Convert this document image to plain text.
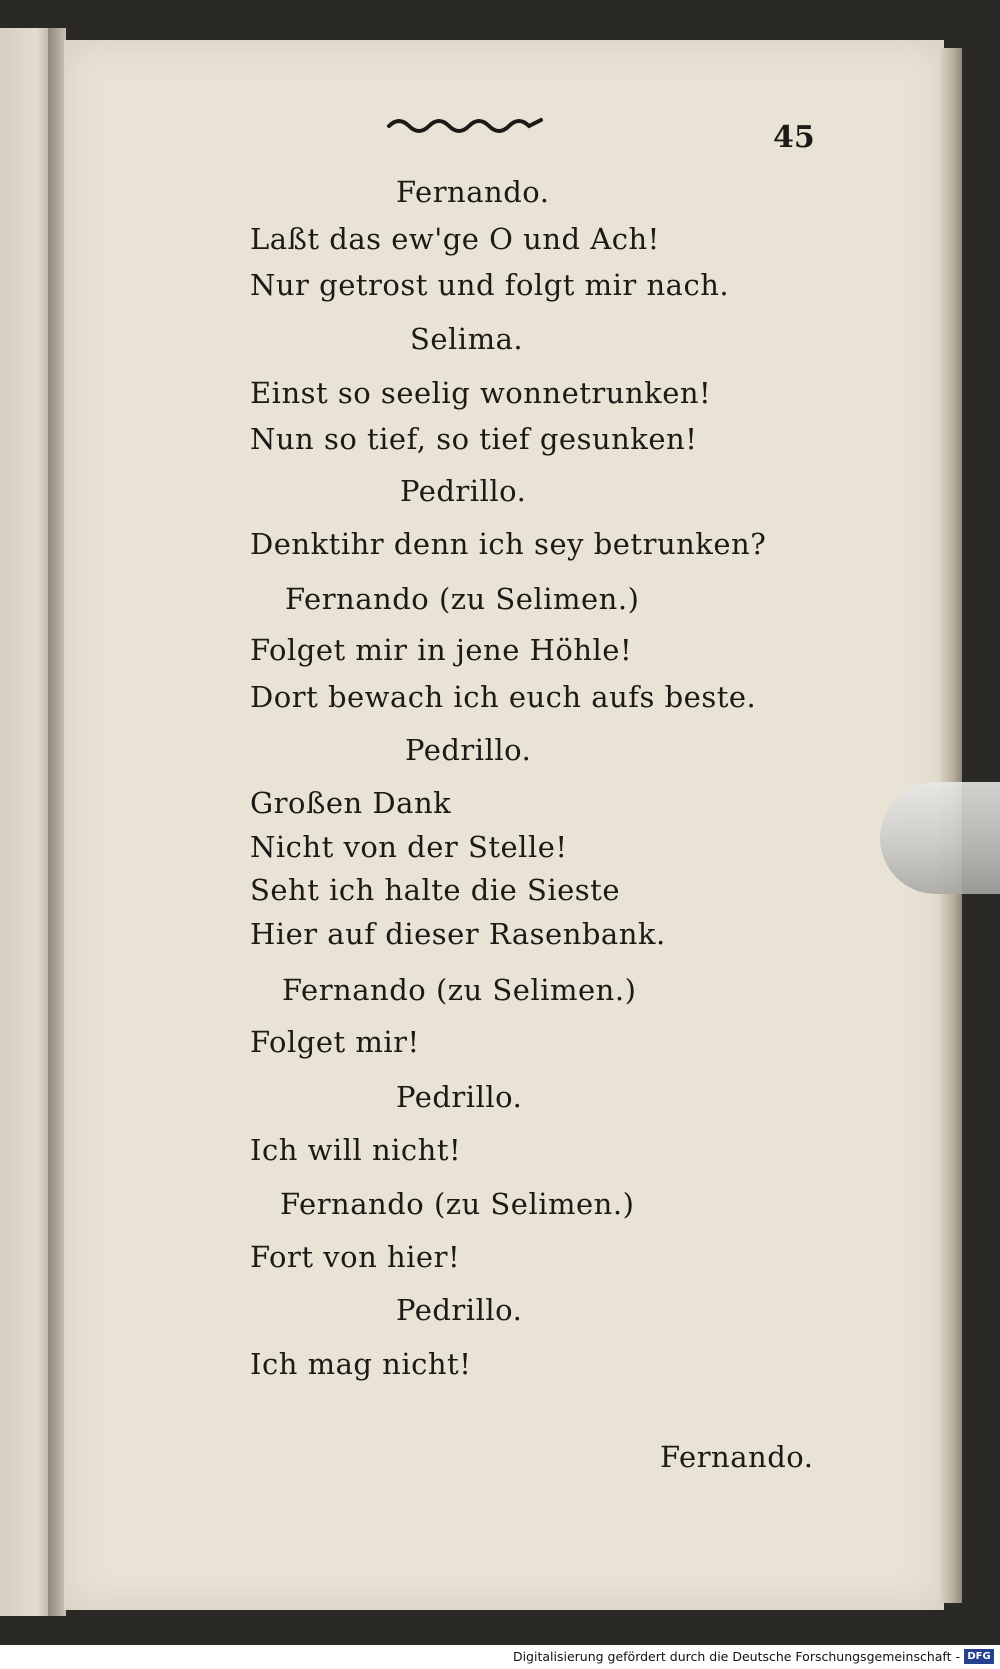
45
Fernando.
Laßt das ew'ge O und Ach!
Nur getrost und folgt mir nach.
Selima.
Einst so seelig wonnetrunken!
Nun so tief, so tief gesunken!
Pedrillo.
Denktihr denn ich sey betrunken?
Fernando (zu Selimen.)
Folget mir in jene Höhle!
Dort bewach ich euch aufs beste.
Pedrillo.
Großen Dank
Nicht von der Stelle!
Seht ich halte die Sieste
Hier auf dieser Rasenbank.
Fernando (zu Selimen.)
Folget mir!
Pedrillo.
Ich will nicht!
Fernando (zu Selimen.)
Fort von hier!
Pedrillo.
Ich mag nicht!
Fernando.
Digitalisierung gefördert durch die Deutsche Forschungsgemeinschaft - DFG
